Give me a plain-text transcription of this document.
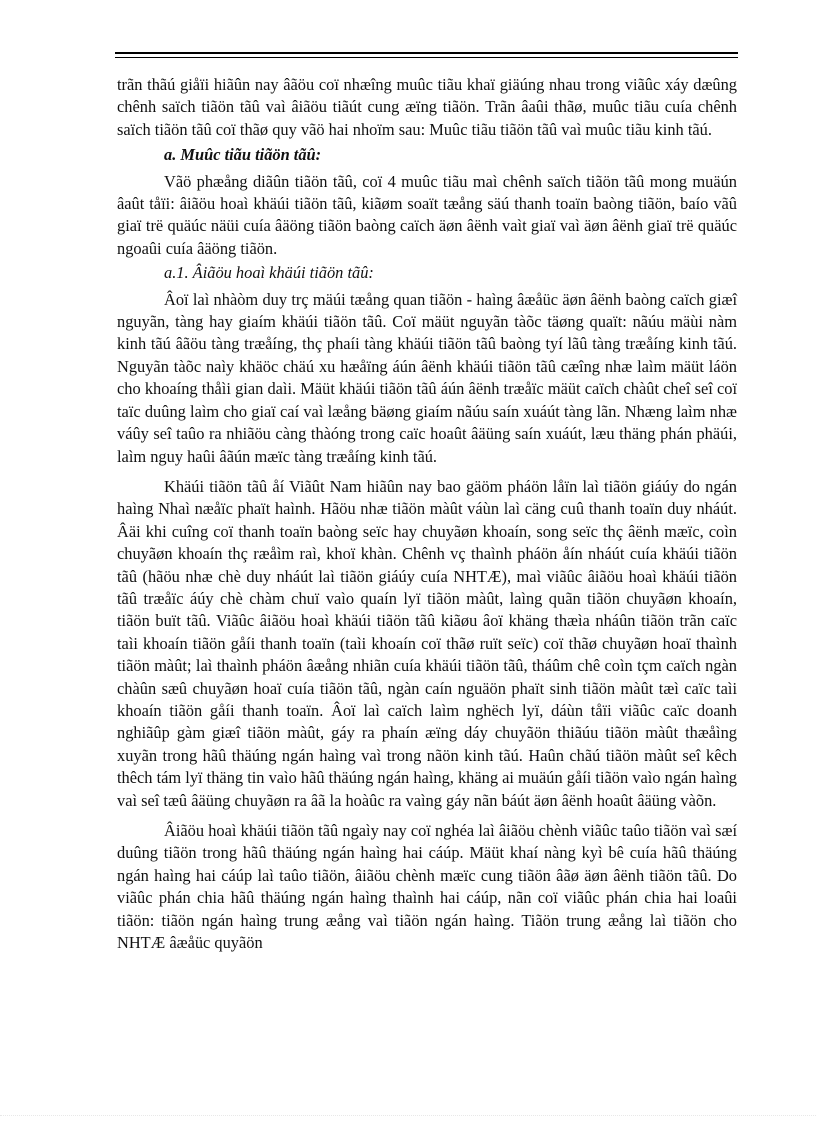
trãn thãú giåïi hiãûn nay âãöu coï nhæîng muûc tiãu khaï giäúng nhau trong viãûc xáy dæûng chênh saïch tiãön tãû vaì âiãöu tiãút cung æïng tiãön. Trãn âaûi thãø, muûc tiãu cuía chênh saïch tiãön tãû coï thãø quy vãö hai nhoïm sau: Muûc tiãu tiãön tãû vaì muûc tiãu kinh tãú.

a. Muûc tiãu tiãön tãû:

Vãö phæång diãûn tiãön tãû, coï 4 muûc tiãu maì chênh saïch tiãön tãû mong muäún âaût tåïi: âiãöu hoaì khäúi tiãön tãû, kiãøm soaït tæång säú thanh toaïn baòng tiãön, baío vãû giaï trë quäúc näüi cuía âäöng tiãön baòng caïch äøn âënh vaìt giaï vaì äøn âënh giaï trë quäúc ngoaûi cuía âäöng tiãön.

a.1. Âiãöu hoaì khäúi tiãön tãû:

Âoï laì nhàòm duy trç mäúi tæång quan tiãön - haìng âæåüc äøn âënh baòng caïch giæî nguyãn, tàng hay giaím khäúi tiãön tãû. Coï mäüt nguyãn tàõc täøng quaït: nãúu mäùi nàm kinh tãú âãöu tàng træåíng, thç phaíi tàng khäúi tiãön tãû baòng tyí lãû tàng træåíng kinh tãú. Nguyãn tàõc naìy khäöc chäú xu hæåïng áún âënh khäúi tiãön tãû cæîng nhæ laìm mäüt láön cho khoaíng thåìi gian daìi. Mäüt khäúi tiãön tãû áún âënh træåïc mäüt caïch chàût cheî seî coï taïc duûng laìm cho giaï caí vaì læång bäøng giaím nãúu saín xuáút tàng lãn. Nhæng laìm nhæ váûy seî taûo ra nhiãöu càng thàóng trong caïc hoaût âäüng saín xuáút, læu thäng phán phäúi, laìm nguy haûi âãún mæïc tàng træåíng kinh tãú.

Khäúi tiãön tãû åí Viãût Nam hiãûn nay bao gäöm pháön låïn laì tiãön giáúy do ngán haìng Nhaì næåïc phaït haình. Hãöu nhæ tiãön màût váùn laì cäng cuû thanh toaïn duy nháút. Âäi khi cuîng coï thanh toaïn baòng seïc hay chuyãøn khoaín, song seïc thç âënh mæïc, coìn chuyãøn khoaín thç ræåìm raì, khoï khàn. Chênh vç thaình pháön åín nháút cuía khäúi tiãön tãû (hãöu nhæ chè duy nháút laì tiãön giáúy cuía NHTÆ), maì viãûc âiãöu hoaì khäúi tiãön tãû træåïc áúy chè chàm chuï vaìo quaín lyï tiãön màût, laìng quãn tiãön chuyãøn khoaín, tiãön buït tãû. Viãûc âiãöu hoaì khäúi tiãön tãû kiãøu âoï khäng thæìa nháûn tiãön trãn caïc taìi khoaín tiãön gåíi thanh toaïn (taìi khoaín coï thãø ruït seïc) coï thãø chuyãøn hoaï thaình tiãön màût; laì thaình pháön âæång nhiãn cuía khäúi tiãön tãû, tháûm chê coìn tçm caïch ngàn chàûn sæû chuyãøn hoaï cuía tiãön tãû, ngàn caín nguäön phaït sinh tiãön màût tæì caïc taìi khoaín tiãön gåíi thanh toaïn. Âoï laì caïch laìm nghëch lyï, dáùn tåïi viãûc caïc doanh nghiãûp gàm giæî tiãön màût, gáy ra phaín æïng dáy chuyãön thiãúu tiãön màût thæåìng xuyãn trong hãû thäúng ngán haìng vaì trong nãön kinh tãú. Haûn chãú tiãön màût seî kêch thêch tám lyï thäng tin vaìo hãû thäúng ngán haìng, khäng ai muäún gåíi tiãön vaìo ngán haìng vaì seî tæû âäüng chuyãøn ra âã la hoàûc ra vaìng gáy nãn báút äøn âënh hoaût âäüng vàõn.

Âiãöu hoaì khäúi tiãön tãû ngaìy nay coï nghéa laì âiãöu chènh viãûc taûo tiãön vaì sæí duûng tiãön trong hãû thäúng ngán haìng hai cáúp. Mäüt khaí nàng kyì bê cuía hãû thäúng ngán haìng hai cáúp laì taûo tiãön, âiãöu chènh mæïc cung tiãön âãø äøn âënh tiãön tãû. Do viãûc phán chia hãû thäúng ngán haìng thaình hai cáúp, nãn coï viãûc phán chia hai loaûi tiãön: tiãön ngán haìng trung æång vaì tiãön ngán haìng. Tiãön trung æång laì tiãön cho NHTÆ âæåüc quyãön
